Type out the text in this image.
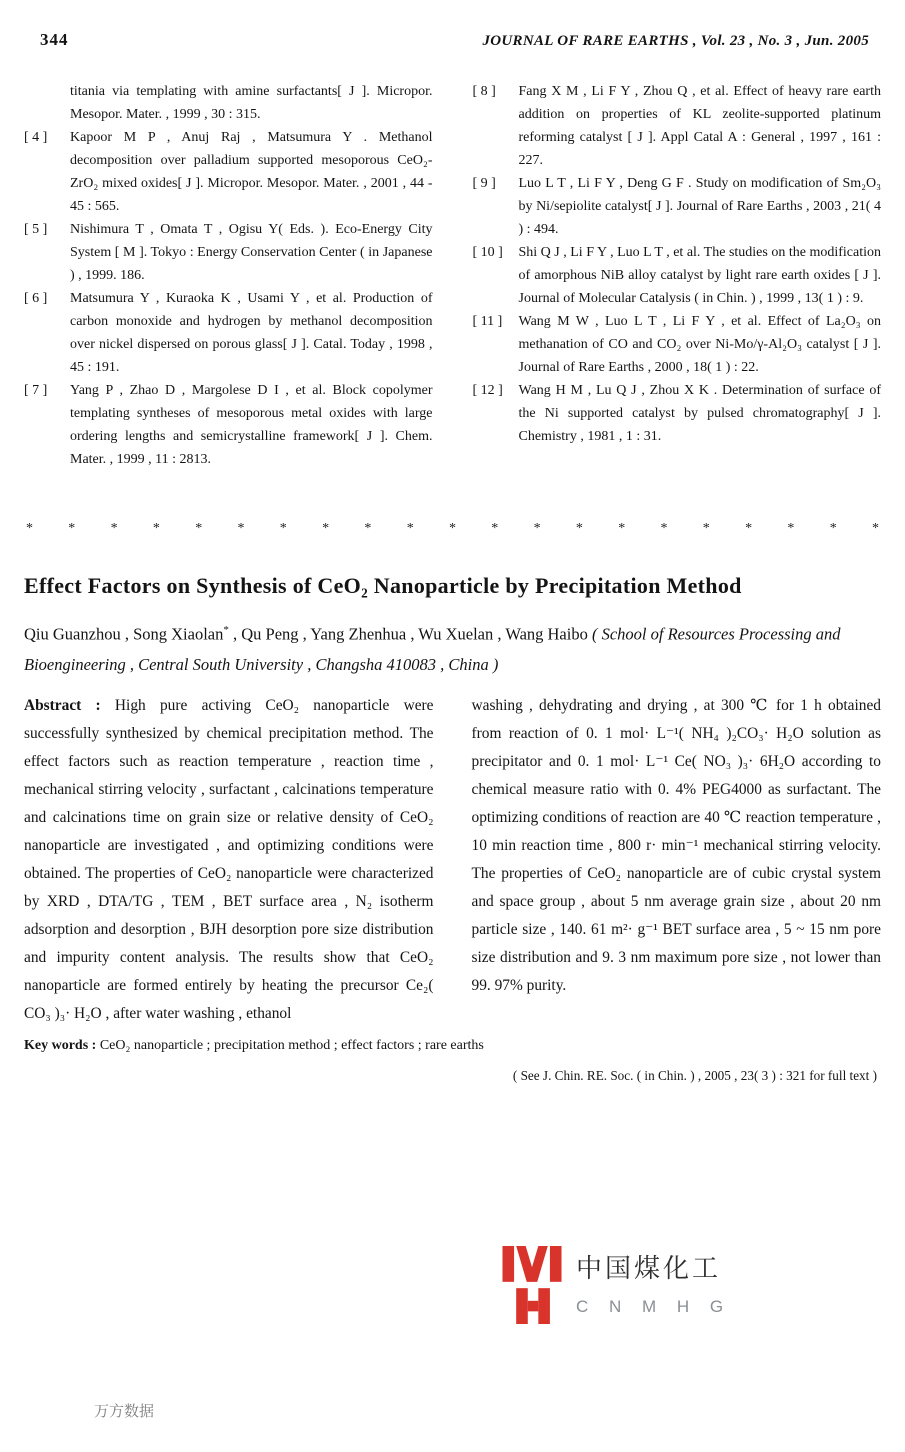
344	JOURNAL OF RARE EARTHS , Vol. 23 , No. 3 , Jun. 2005
titania via templating with amine surfactants[ J ]. Micropor. Mesopor. Mater. , 1999 , 30 : 315.
[ 4 ] Kapoor M P , Anuj Raj , Matsumura Y . Methanol decomposition over palladium supported mesoporous CeO₂-ZrO₂ mixed oxides[ J ]. Micropor. Mesopor. Mater. , 2001 , 44 - 45 : 565.
[ 5 ] Nishimura T , Omata T , Ogisu Y( Eds. ). Eco-Energy City System [ M ]. Tokyo : Energy Conservation Center ( in Japanese ) , 1999. 186.
[ 6 ] Matsumura Y , Kuraoka K , Usami Y , et al. Production of carbon monoxide and hydrogen by methanol decomposition over nickel dispersed on porous glass[ J ]. Catal. Today , 1998 , 45 : 191.
[ 7 ] Yang P , Zhao D , Margolese D I , et al. Block copolymer templating syntheses of mesoporous metal oxides with large ordering lengths and semicrystalline framework[ J ]. Chem. Mater. , 1999 , 11 : 2813.
[ 8 ] Fang X M , Li F Y , Zhou Q , et al. Effect of heavy rare earth addition on properties of KL zeolite-supported platinum reforming catalyst [ J ]. Appl Catal A : General , 1997 , 161 : 227.
[ 9 ] Luo L T , Li F Y , Deng G F . Study on modification of Sm₂O₃ by Ni/sepiolite catalyst[ J ]. Journal of Rare Earths , 2003 , 21( 4 ) : 494.
[ 10 ] Shi Q J , Li F Y , Luo L T , et al. The studies on the modification of amorphous NiB alloy catalyst by light rare earth oxides [ J ]. Journal of Molecular Catalysis ( in Chin. ) , 1999 , 13( 1 ) : 9.
[ 11 ] Wang M W , Luo L T , Li F Y , et al. Effect of La₂O₃ on methanation of CO and CO₂ over Ni-Mo/γ-Al₂O₃ catalyst [ J ]. Journal of Rare Earths , 2000 , 18( 1 ) : 22.
[ 12 ] Wang H M , Lu Q J , Zhou X K . Determination of surface of the Ni supported catalyst by pulsed chromatography[ J ]. Chemistry , 1981 , 1 : 31.
* * * * * * * * * * * * * * * * * * * * *
Effect Factors on Synthesis of CeO₂ Nanoparticle by Precipitation Method

Qiu Guanzhou , Song Xiaolan* , Qu Peng , Yang Zhenhua , Wu Xuelan , Wang Haibo ( School of Resources Processing and Bioengineering , Central South University , Changsha 410083 , China )

Abstract : High pure activing CeO₂ nanoparticle were successfully synthesized by chemical precipitation method. The effect factors such as reaction temperature , reaction time , mechanical stirring velocity , surfactant , calcinations temperature and calcinations time on grain size or relative density of CeO₂ nanoparticle are investigated , and optimizing conditions were obtained. The properties of CeO₂ nanoparticle were characterized by XRD , DTA/TG , TEM , BET surface area , N₂ isotherm adsorption and desorption , BJH desorption pore size distribution and impurity content analysis. The results show that CeO₂ nanoparticle are formed entirely by heating the precursor Ce₂( CO₃ )₃· H₂O , after water washing , ethanol
washing , dehydrating and drying , at 300 ℃ for 1 h obtained from reaction of 0. 1 mol· L⁻¹( NH₄ )₂CO₃· H₂O solution as precipitator and 0. 1 mol· L⁻¹ Ce( NO₃ )₃· 6H₂O according to chemical measure ratio with 0. 4% PEG4000 as surfactant. The optimizing conditions of reaction are 40 ℃ reaction temperature , 10 min reaction time , 800 r· min⁻¹ mechanical stirring velocity. The properties of CeO₂ nanoparticle are of cubic crystal system and space group , about 5 nm average grain size , about 20 nm particle size , 140. 61 m²· g⁻¹ BET surface area , 5 ~ 15 nm pore size distribution and 9. 3 nm maximum pore size , not lower than 99. 97% purity.

Key words : CeO₂ nanoparticle ; precipitation method ; effect factors ; rare earths

( See J. Chin. RE. Soc. ( in Chin. ) , 2005 , 23( 3 ) : 321 for full text )

中国煤化工
C N M H G
万方数据
